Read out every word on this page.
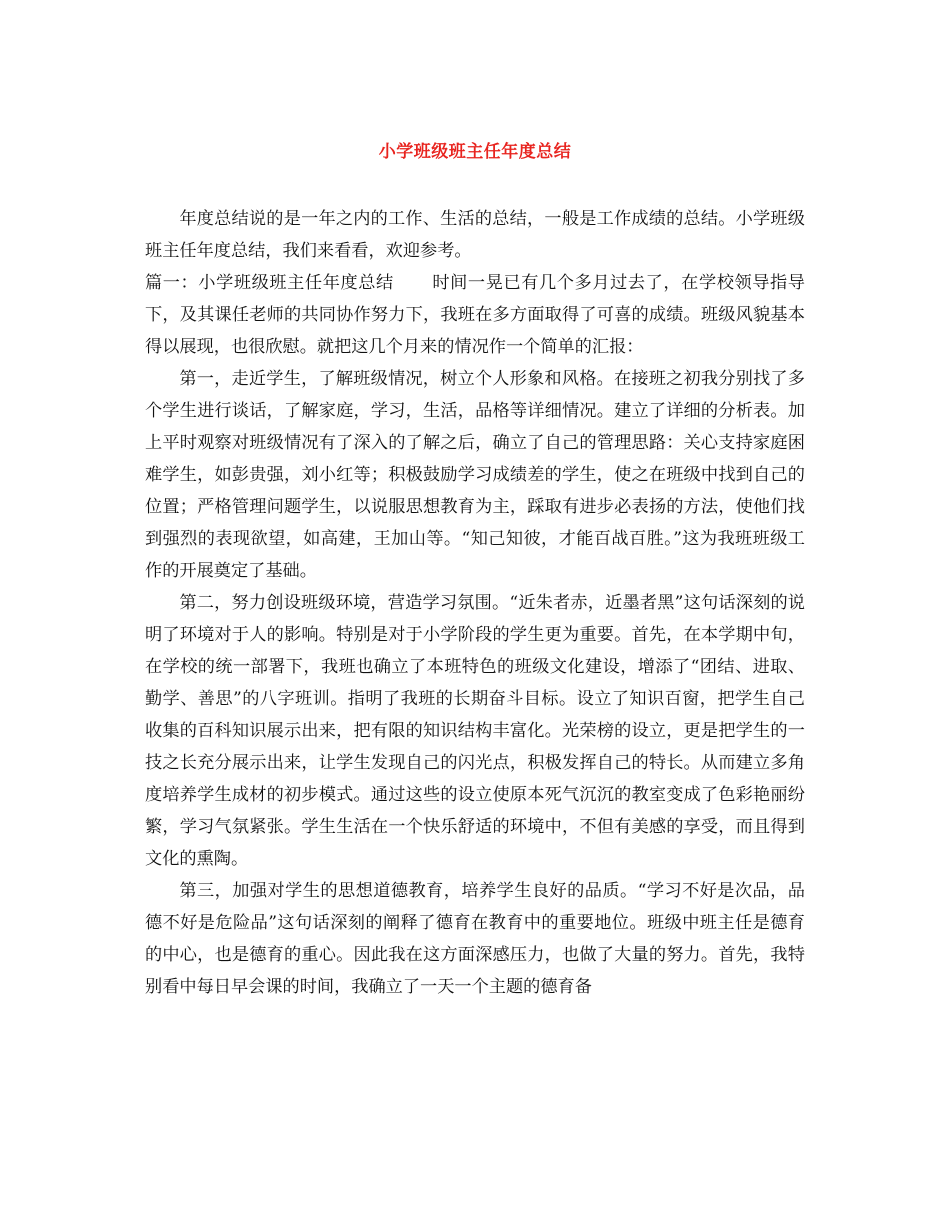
小学班级班主任年度总结

年度总结说的是一年之内的工作、生活的总结，一般是工作成绩的总结。小学班级班主任年度总结，我们来看看，欢迎参考。

篇一：小学班级班主任年度总结 时间一晃已有几个多月过去了，在学校领导指导下，及其课任老师的共同协作努力下，我班在多方面取得了可喜的成绩。班级风貌基本得以展现，也很欣慰。就把这几个月来的情况作一个简单的汇报：

第一，走近学生，了解班级情况，树立个人形象和风格。在接班之初我分别找了多个学生进行谈话，了解家庭，学习，生活，品格等详细情况。建立了详细的分析表。加上平时观察对班级情况有了深入的了解之后，确立了自己的管理思路：关心支持家庭困难学生，如彭贵强，刘小红等；积极鼓励学习成绩差的学生，使之在班级中找到自己的位置；严格管理问题学生，以说服思想教育为主，踩取有进步必表扬的方法，使他们找到强烈的表现欲望，如高建，王加山等。“知己知彼，才能百战百胜。”这为我班班级工作的开展奠定了基础。

第二，努力创设班级环境，营造学习氛围。“近朱者赤，近墨者黑”这句话深刻的说明了环境对于人的影响。特别是对于小学阶段的学生更为重要。首先，在本学期中旬，在学校的统一部署下，我班也确立了本班特色的班级文化建设，增添了“团结、进取、勤学、善思”的八字班训。指明了我班的长期奋斗目标。设立了知识百窗，把学生自己收集的百科知识展示出来，把有限的知识结构丰富化。光荣榜的设立，更是把学生的一技之长充分展示出来，让学生发现自己的闪光点，积极发挥自己的特长。从而建立多角度培养学生成材的初步模式。通过这些的设立使原本死气沉沉的教室变成了色彩艳丽纷繁，学习气氛紧张。学生生活在一个快乐舒适的环境中，不但有美感的享受，而且得到文化的熏陶。

第三，加强对学生的思想道德教育，培养学生良好的品质。“学习不好是次品，品德不好是危险品”这句话深刻的阐释了德育在教育中的重要地位。班级中班主任是德育的中心，也是德育的重心。因此我在这方面深感压力，也做了大量的努力。首先，我特别看中每日早会课的时间，我确立了一天一个主题的德育备
